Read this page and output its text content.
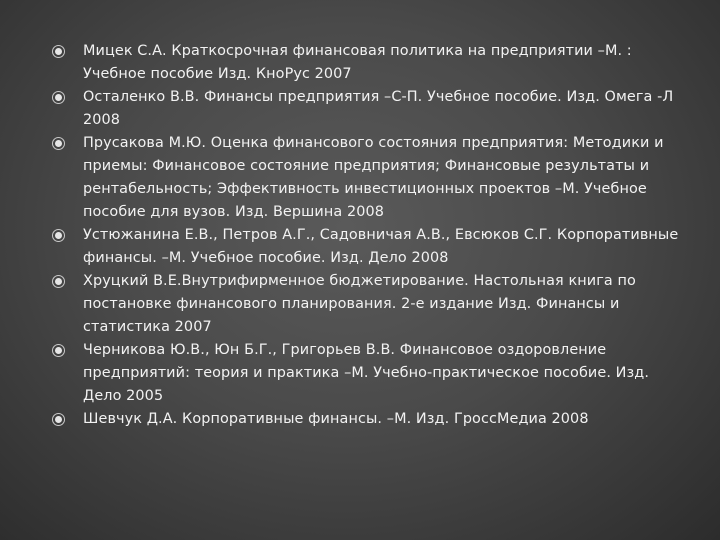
Мицек С.А. Краткосрочная финансовая политика на предприятии –М. : Учебное пособие Изд. КноРус 2007
Осталенко В.В. Финансы предприятия –С-П. Учебное пособие. Изд. Омега -Л 2008
Прусакова М.Ю. Оценка финансового состояния предприятия: Методики и приемы: Финансовое состояние предприятия; Финансовые результаты и рентабельность; Эффективность инвестиционных проектов –М. Учебное пособие для вузов. Изд. Вершина 2008
Устюжанина Е.В., Петров А.Г., Садовничая А.В., Евсюков С.Г. Корпоративные финансы. –М. Учебное пособие. Изд. Дело 2008
Хруцкий В.Е.Внутрифирменное бюджетирование. Настольная книга по постановке финансового планирования. 2-е издание Изд. Финансы и статистика 2007
Черникова Ю.В., Юн Б.Г., Григорьев В.В. Финансовое оздоровление предприятий: теория и практика –М. Учебно-практическое пособие. Изд. Дело 2005
Шевчук Д.А. Корпоративные финансы. –М. Изд. ГроссМедиа 2008
